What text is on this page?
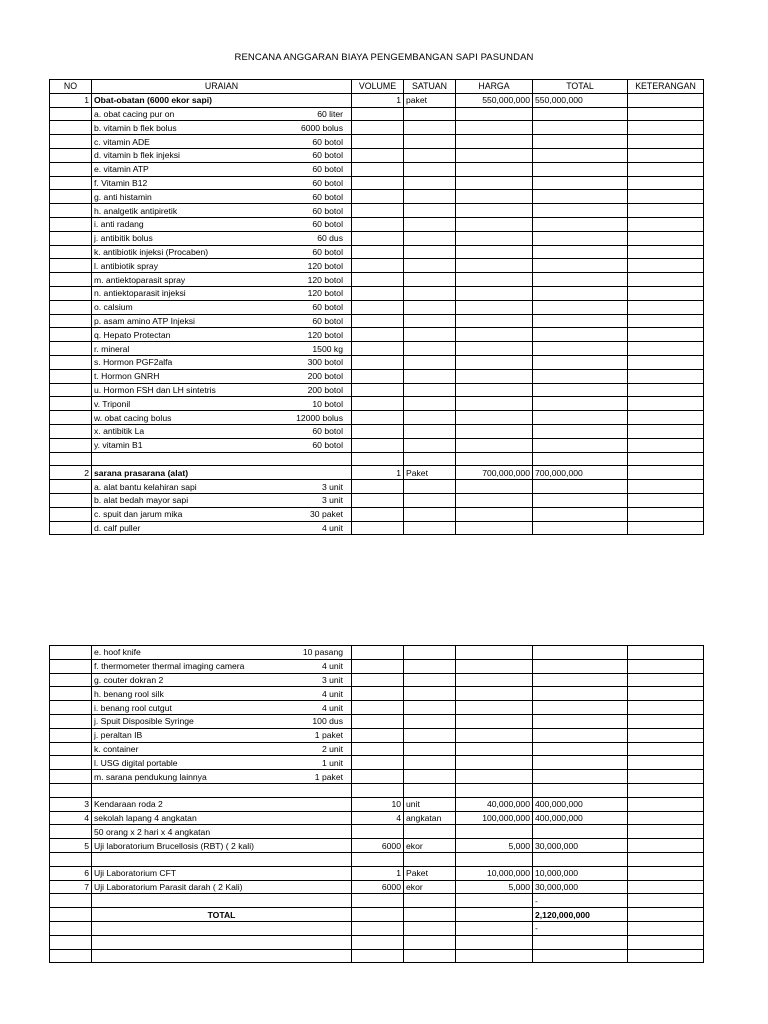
RENCANA ANGGARAN BIAYA PENGEMBANGAN SAPI PASUNDAN
NO	URAIAN	VOLUME	SATUAN	HARGA	TOTAL	KETERANGAN
1	Obat-obatan (6000 ekor sapi)	1	paket	550,000,000	550,000,000	

	a. obat cacing pur on 60 liter					

	b. vitamin b flek bolus 6000 bolus					

	c. vitamin ADE 60 botol					

	d. vitamin b flek injeksi 60 botol					

	e. vitamin ATP 60 botol					

	f. Vitamin B12 60 botol					

	g. anti histamin 60 botol					

	h. analgetik antipiretik 60 botol					

	i. anti radang 60 botol					

	j. antibitik bolus 60 dus					

	k. antibiotik injeksi (Procaben) 60 botol					

	l. antibiotik spray 120 botol					

	m. antiektoparasit spray 120 botol					

	n. antiektoparasit injeksi 120 botol					

	o. calsium 60 botol					

	p. asam amino ATP Injeksi 60 botol					

	q. Hepato Protectan 120 botol					

	r. mineral 1500 kg					

	s. Hormon PGF2alfa 300 botol					

	t. Hormon GNRH 200 botol					

	u. Hormon FSH dan LH sintetris 200 botol					

	v. Triponil 10 botol					

	w. obat cacing bolus 12000 bolus					

	x. antibitik La 60 botol					

	y. vitamin B1 60 botol					

2	sarana prasarana (alat)	1	Paket	700,000,000	700,000,000	

	a. alat bantu kelahiran sapi 3 unit					

	b. alat bedah mayor sapi 3 unit					

	c. spuit dan jarum mika 30 paket					

	d. calf puller 4 unit					

	e. hoof knife 10 pasang					

	f. thermometer thermal imaging camera 4 unit					

	g. couter dokran 2 3 unit					

	h. benang rool silk 4 unit					

	i. benang rool cutgut 4 unit					

	j. Spuit Disposible Syringe 100 dus					

	j. peraltan IB 1 paket					

	k. container 2 unit					

	l. USG digital portable 1 unit					

	m. sarana pendukung lainnya 1 paket					

3	Kendaraan roda 2	10	unit	40,000,000	400,000,000	
4	sekolah lapang 4 angkatan	4	angkatan	100,000,000	400,000,000	
	50 orang x 2 hari x 4 angkatan					
5	Uji laboratorium Brucellosis (RBT) ( 2 kali)	6000	ekor	5,000	30,000,000	

6	Uji Laboratorium CFT	1	Paket	10,000,000	10,000,000	
7	Uji Laboratorium Parasit darah ( 2 Kali)	6000	ekor	5,000	30,000,000	
					-	
	TOTAL				2,120,000,000	
					-	
